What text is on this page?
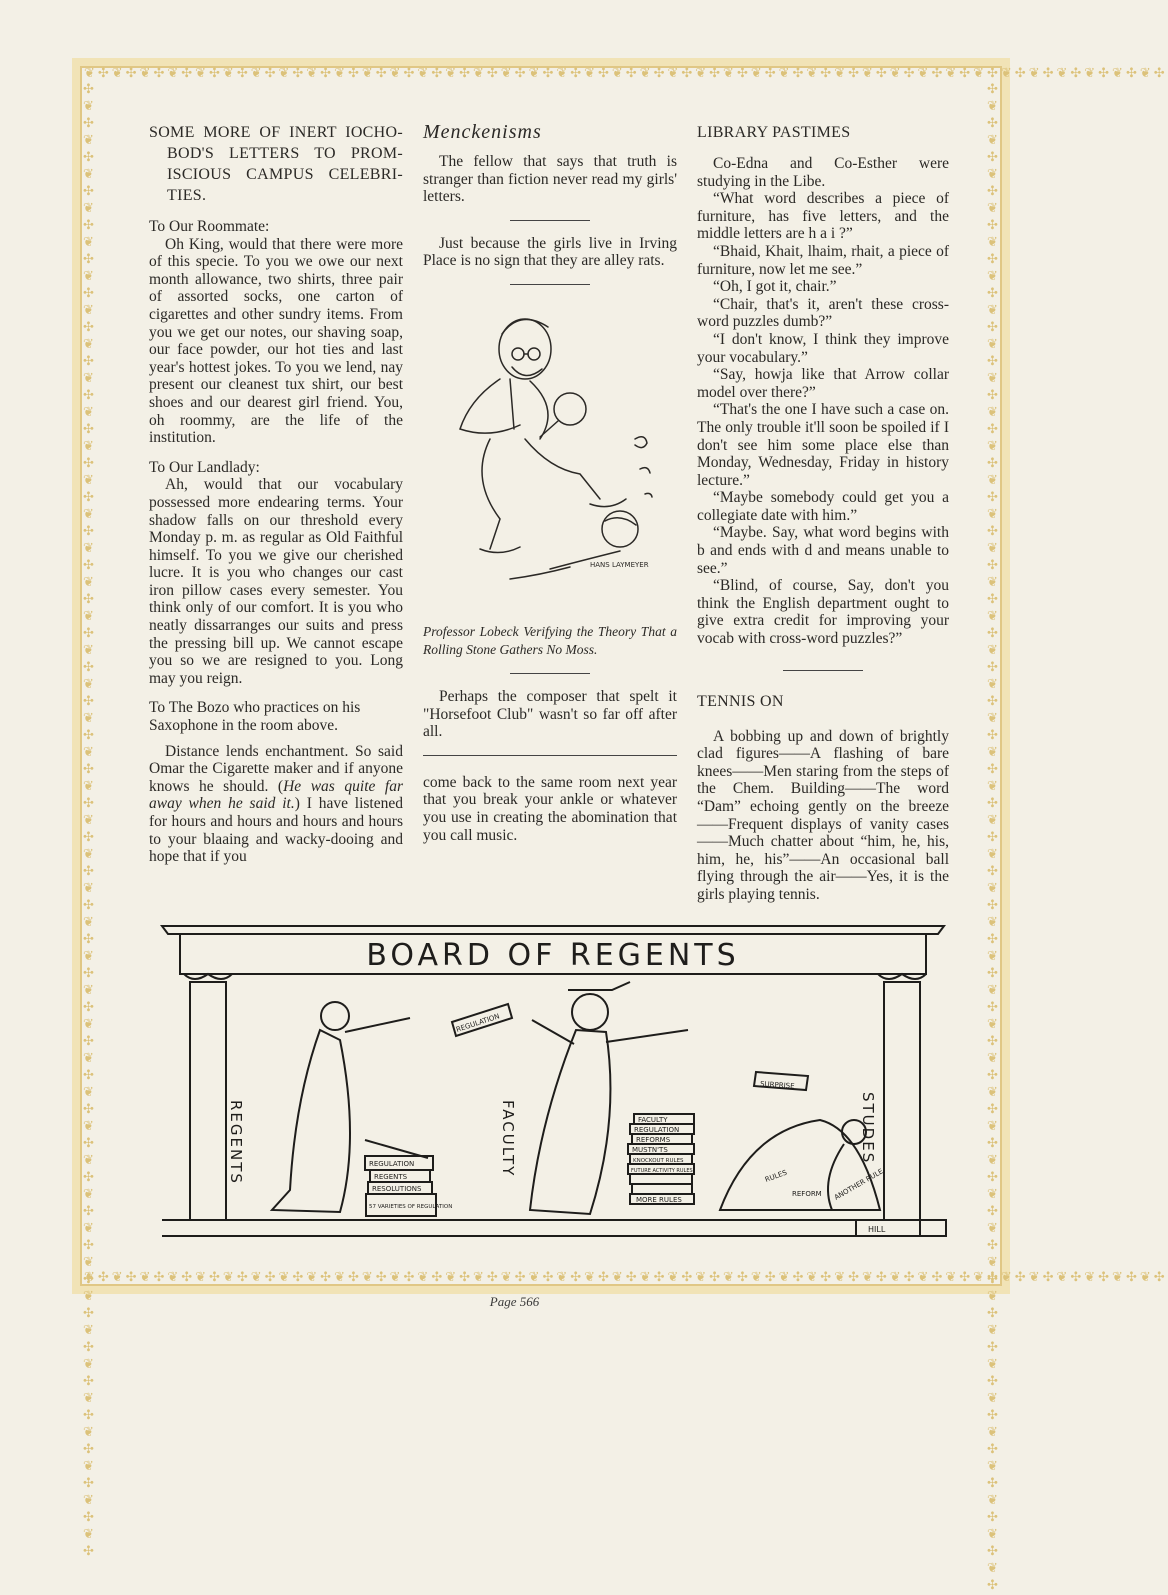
❦✣❦✣❦✣❦✣❦✣❦✣❦✣❦✣❦✣❦✣❦✣❦✣❦✣❦✣❦✣❦✣❦✣❦✣❦✣❦✣❦✣❦✣❦✣❦✣❦✣❦✣❦✣❦✣❦✣❦✣❦✣❦✣❦✣❦✣❦✣❦✣❦✣❦✣❦✣
❦✣❦✣❦✣❦✣❦✣❦✣❦✣❦✣❦✣❦✣❦✣❦✣❦✣❦✣❦✣❦✣❦✣❦✣❦✣❦✣❦✣❦✣❦✣❦✣❦✣❦✣❦✣❦✣❦✣❦✣❦✣❦✣❦✣❦✣❦✣❦✣❦✣❦✣❦✣
✣❦✣❦✣❦✣❦✣❦✣❦✣❦✣❦✣❦✣❦✣❦✣❦✣❦✣❦✣❦✣❦✣❦✣❦✣❦✣❦✣❦✣❦✣❦✣❦✣❦✣❦✣❦✣❦✣❦✣❦✣❦✣❦✣❦✣❦✣❦✣❦✣❦✣❦✣❦✣❦✣❦✣❦✣❦✣	✣❦✣❦✣❦✣❦✣❦✣❦✣❦✣❦✣❦✣❦✣❦✣❦✣❦✣❦✣❦✣❦✣❦✣❦✣❦✣❦✣❦✣❦✣❦✣❦✣❦✣❦✣❦✣❦✣❦✣❦✣❦✣❦✣❦✣❦✣❦✣❦✣❦✣❦✣❦✣❦✣❦✣❦✣❦✣❦✣

SOME MORE OF INERT IOCHO-BOD'S LETTERS TO PROM-ISCIOUS CAMPUS CELEBRI-TIES.

To Our Roommate:

Oh King, would that there were more of this specie. To you we owe our next month allowance, two shirts, three pair of assorted socks, one carton of cigarettes and other sundry items. From you we get our notes, our shaving soap, our face powder, our hot ties and last year's hottest jokes. To you we lend, nay present our cleanest tux shirt, our best shoes and our dearest girl friend. You, oh roommy, are the life of the institution.

To Our Landlady:

Ah, would that our vocabulary possessed more endearing terms. Your shadow falls on our threshold every Monday p. m. as regular as Old Faithful himself. To you we give our cherished lucre. It is you who changes our cast iron pillow cases every semester. You think only of our comfort. It is you who neatly dissarranges our suits and press the pressing bill up. We cannot escape you so we are resigned to you. Long may you reign.

To The Bozo who practices on his Saxophone in the room above.

Distance lends enchantment. So said Omar the Cigarette maker and if anyone knows he should. (He was quite far away when he said it.) I have listened for hours and hours and hours and hours to your blaaing and wacky-dooing and hope that if you

Menckenisms

The fellow that says that truth is stranger than fiction never read my girls' letters.

Just because the girls live in Irving Place is no sign that they are alley rats.

HANS LAYMEYER

Professor Lobeck Verifying the Theory That a Rolling Stone Gathers No Moss.

Perhaps the composer that spelt it "Horsefoot Club" wasn't so far off after all.

come back to the same room next year that you break your ankle or whatever you use in creating the abomination that you call music.

LIBRARY PASTIMES

Co-Edna and Co-Esther were studying in the Libe.

“What word describes a piece of furniture, has five letters, and the middle letters are h a i ?”

“Bhaid, Khait, lhaim, rhait, a piece of furniture, now let me see.”

“Oh, I got it, chair.”

“Chair, that's it, aren't these cross-word puzzles dumb?”

“I don't know, I think they improve your vocabulary.”

“Say, howja like that Arrow collar model over there?”

“That's the one I have such a case on. The only trouble it'll soon be spoiled if I don't see him some place else than Monday, Wednesday, Friday in history lecture.”

“Maybe somebody could get you a collegiate date with him.”

“Maybe. Say, what word begins with b and ends with d and means unable to see.”

“Blind, of course, Say, don't you think the English department ought to give extra credit for improving your vocab with cross-word puzzles?”

TENNIS ON

A bobbing up and down of brightly clad figures——A flashing of bare knees——Men staring from the steps of the Chem. Building——The word “Dam” echoing gently on the breeze——Frequent displays of vanity cases——Much chatter about “him, he, his, him, he, his”——An occasional ball flying through the air——Yes, it is the girls playing tennis.

BOARD OF REGENTS
REGENTS	FACULTY	STUDES
REGULATION
SURPRISE
REGULATION
REGENTS
RESOLUTIONS
57 VARIETIES OF REGULATION
FACULTY
REGULATION
REFORMS
MUSTN'TS
KNOCKOUT RULES
FUTURE ACTIVITY RULES
MORE RULES
RULES
REFORM ANOTHER RULE
HILL
Page 566
